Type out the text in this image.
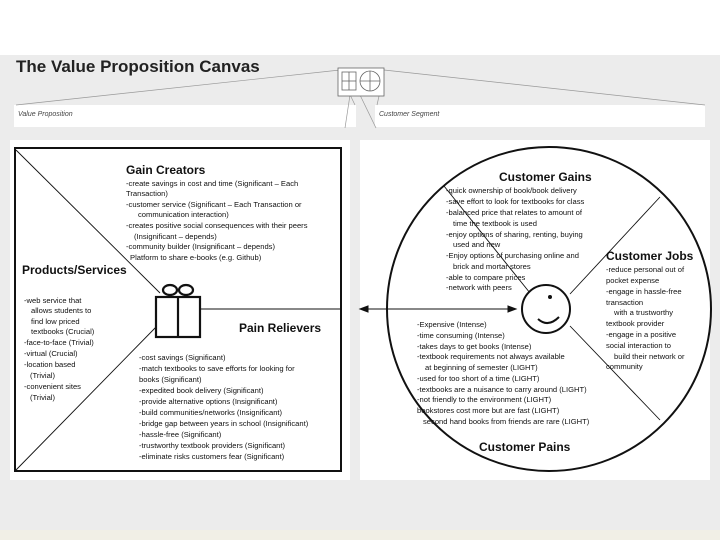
The Value Proposition Canvas
Value Proposition	Customer Segment
Gain Creators
-create savings in cost and time (Significant – Each
Transaction)
-customer service (Significant – Each Transaction or
communication interaction)
-creates positive social consequences with their peers
(Insignificant – depends)
-community builder (Insignificant – depends)
Platform to share e-books (e.g. Github)
Products/Services
-web service that
allows students to
find low priced
textbooks (Crucial)
-face-to-face (Trivial)
-virtual (Crucial)
-location based
(Trivial)
-convenient sites
(Trivial)
Pain Relievers
-cost savings (Significant)
-match textbooks to save efforts for looking for
books (Significant)
-expedited book delivery (Significant)
-provide alternative options (Insignificant)
-build communities/networks (Insignificant)
-bridge gap between years in school (Insignificant)
-hassle-free (Significant)
-trustworthy textbook providers (Significant)
-eliminate risks customers fear (Significant)
Customer Gains
-quick ownership of book/book delivery
-save effort to look for textbooks for class
-balanced price that relates to amount of
time the textbook is used
-enjoy options of sharing, renting, buying
used and new
-Enjoy options of purchasing online and
brick and mortar stores
-able to compare prices
-network with peers
Customer Jobs
-reduce personal out of
pocket expense
-engage in hassle-free
transaction
with a trustworthy
textbook provider
-engage in a positive
social interaction to
build their network or
community
-Expensive (Intense)
-time consuming (Intense)
-takes days to get books (Intense)
-textbook requirements not always available
at beginning of semester (LIGHT)
-used for too short of a time (LIGHT)
-textbooks are a nuisance to carry around (LIGHT)
-not friendly to the environment (LIGHT)
bookstores cost more but are fast (LIGHT)
second hand books from friends are rare (LIGHT)
Customer Pains
